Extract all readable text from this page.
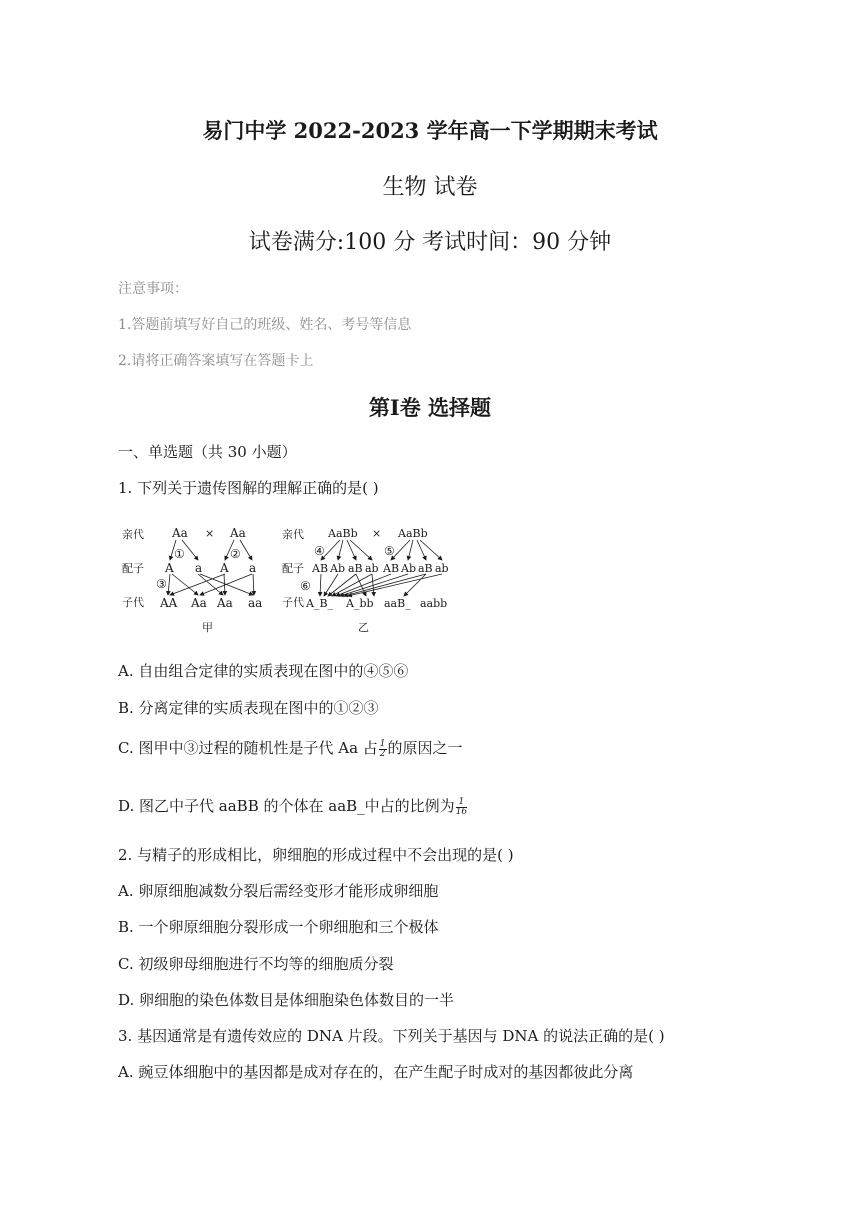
易门中学 2022-2023 学年高一下学期期末考试
生物 试卷
试卷满分:100 分 考试时间：90 分钟
注意事项：
1.答题前填写好自己的班级、姓名、考号等信息
2.请将正确答案填写在答题卡上
第Ⅰ卷 选择题
一、单选题（共 30 小题）
1. 下列关于遗传图解的理解正确的是( )
亲代
配子
子代
Aa × Aa
①	②
③
A a A a
AA Aa Aa aa
甲
亲代
配子
子代
AaBb × AaBb
④	⑤
⑥
AB Ab aB ab AB Ab aB ab
A_B_ A_bb aaB_ aabb
乙
A. 自由组合定律的实质表现在图中的④⑤⑥
B. 分离定律的实质表现在图中的①②③
C. 图甲中③过程的随机性是子代 Aa 占 $\frac{1}{2}$ 的原因之一
D. 图乙中子代 aaBB 的个体在 aaB_中占的比例为 $\frac{1}{16}$
2. 与精子的形成相比，卵细胞的形成过程中不会出现的是( )
A. 卵原细胞减数分裂后需经变形才能形成卵细胞
B. 一个卵原细胞分裂形成一个卵细胞和三个极体
C. 初级卵母细胞进行不均等的细胞质分裂
D. 卵细胞的染色体数目是体细胞染色体数目的一半
3. 基因通常是有遗传效应的 DNA 片段。下列关于基因与 DNA 的说法正确的是( )
A. 豌豆体细胞中的基因都是成对存在的，在产生配子时成对的基因都彼此分离
